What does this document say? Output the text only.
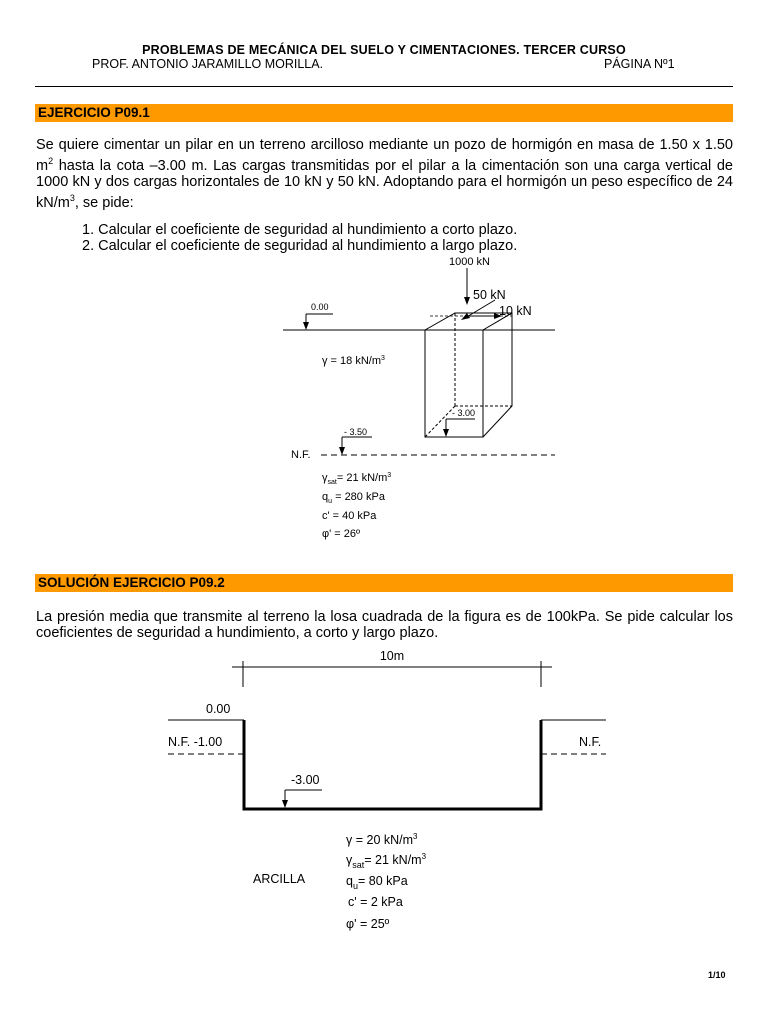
PROBLEMAS DE MECÁNICA DEL SUELO Y CIMENTACIONES. TERCER CURSO
PROF. ANTONIO JARAMILLO MORILLA.	PÁGINA Nº1
EJERCICIO P09.1
Se quiere cimentar un pilar en un terreno arcilloso mediante un pozo de hormigón en masa de 1.50 x 1.50 $m^2$ hasta la cota –3.00 m. Las cargas transmitidas por el pilar a la cimentación son una carga vertical de 1000 kN y dos cargas horizontales de 10 kN y 50 kN. Adoptando para el hormigón un peso específico de 24 $kN/m^3$, se pide:
1. Calcular el coeficiente de seguridad al hundimiento a corto plazo.
2. Calcular el coeficiente de seguridad al hundimiento a largo plazo.
1000 kN
50 kN
10 kN
0.00
- 3.00
- 3.50
N.F.
γ = 18 $kN/m^3$
$\gamma_{sat}= 21$ $kN/m^3$
$q_u = 280$ kPa
c' = 40 kPa
φ' = 26º
SOLUCIÓN EJERCICIO P09.2
La presión media que transmite al terreno la losa cuadrada de la figura es de 100kPa. Se pide calcular los coeficientes de seguridad a hundimiento, a corto y largo plazo.
10m
0.00
N.F. -1.00	N.F.
-3.00
ARCILLA
γ = 20 $kN/m^3$
$\gamma_{sat}= 21$ $kN/m^3$
$q_u= 80$ kPa
c' = 2 kPa
φ' = 25º
1/10
